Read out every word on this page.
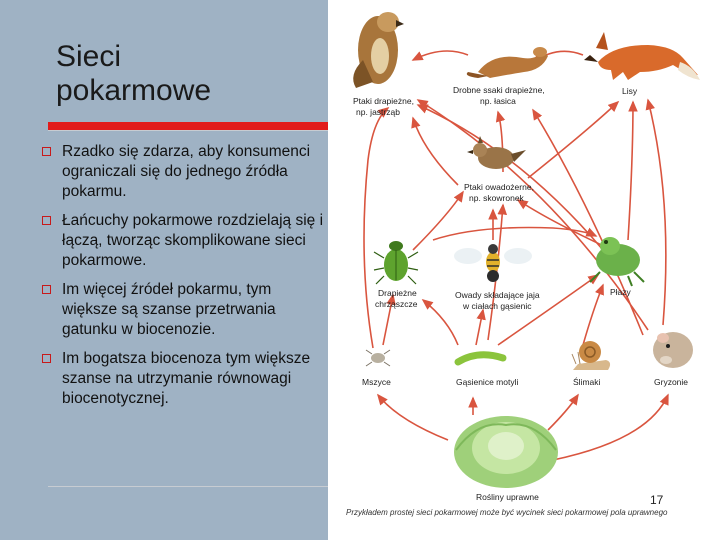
Sieci
pokarmowe
Rzadko się zdarza, aby konsumenci ograniczali się do jednego źródła pokarmu.
Łańcuchy pokarmowe rozdzielają się i łączą, tworząc skomplikowane sieci pokarmowe.
Im więcej źródeł pokarmu, tym większe są szanse przetrwania gatunku w biocenozie.
Im bogatsza biocenoza tym większe szanse na utrzymanie równowagi biocenotycznej.
Ptaki drapieżne, np. jastrząb
Drobne ssaki drapieżne, np. łasica
Lisy
Ptaki owadożerne, np. skowronek
Drapieżne chrząszcze
Owady składające jaja w ciałach gąsienic
Płazy
Mszyce	Gąsienice motyli	Ślimaki	Gryzonie
Rośliny uprawne	17
Przykładem prostej sieci pokarmowej może być wycinek sieci pokarmowej pola uprawnego
